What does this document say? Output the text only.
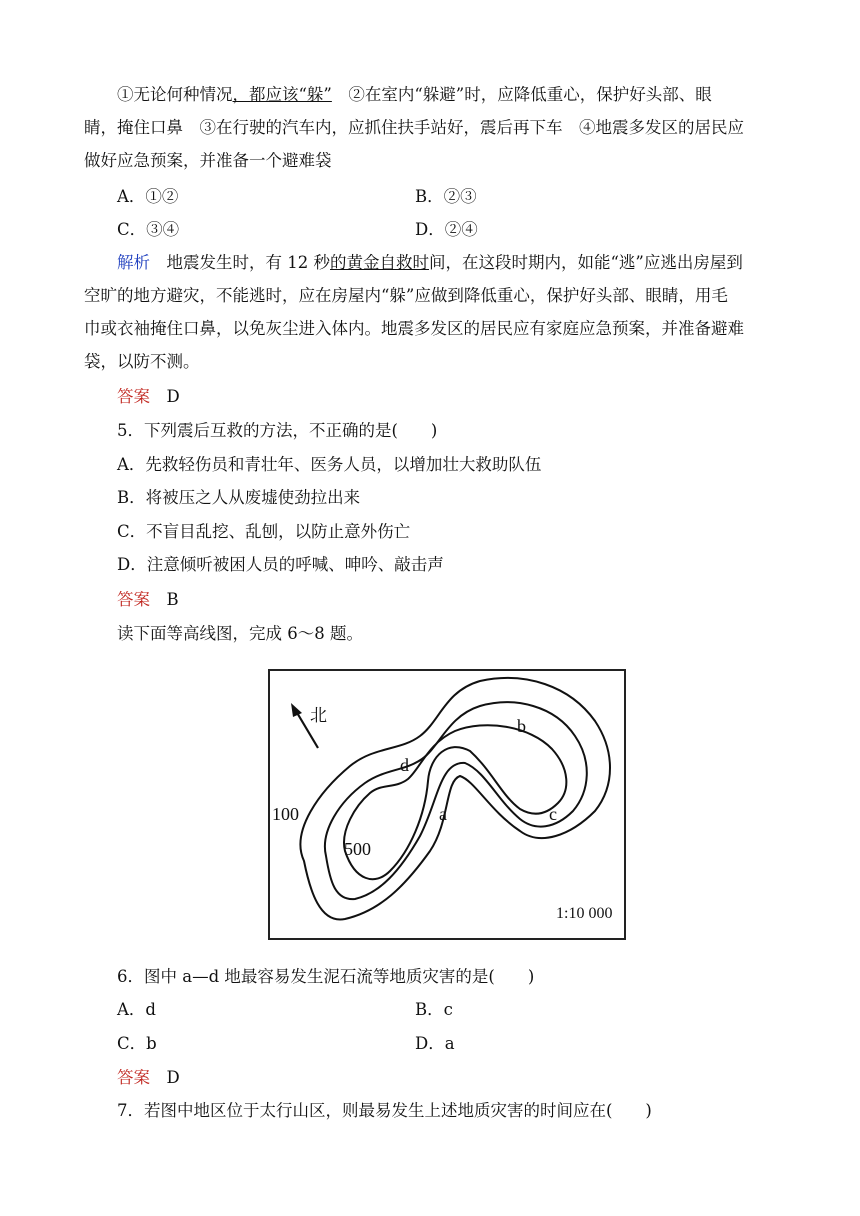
①无论何种情况，都应该“躲”　②在室内“躲避”时，应降低重心，保护好头部、眼
睛，掩住口鼻　③在行驶的汽车内，应抓住扶手站好，震后再下车　④地震多发区的居民应
做好应急预案，并准备一个避难袋
A．①②	B．②③
C．③④	D．②④
解析　地震发生时，有 12 秒的黄金自救时间，在这段时期内，如能“逃”应逃出房屋到
空旷的地方避灾，不能逃时，应在房屋内“躲”应做到降低重心，保护好头部、眼睛，用毛
巾或衣袖掩住口鼻，以免灰尘进入体内。地震多发区的居民应有家庭应急预案，并准备避难
袋，以防不测。
答案　D
5．下列震后互救的方法，不正确的是(　　)
A．先救轻伤员和青壮年、医务人员，以增加壮大救助队伍
B．将被压之人从废墟使劲拉出来
C．不盲目乱挖、乱刨，以防止意外伤亡
D．注意倾听被困人员的呼喊、呻吟、敲击声
答案　B
读下面等高线图，完成 6～8 题。
北
100
500
a
b
c
d
1:10 000
6．图中 a—d 地最容易发生泥石流等地质灾害的是(　　)
A．d	B．c
C．b	D．a
答案　D
7．若图中地区位于太行山区，则最易发生上述地质灾害的时间应在(　　)
